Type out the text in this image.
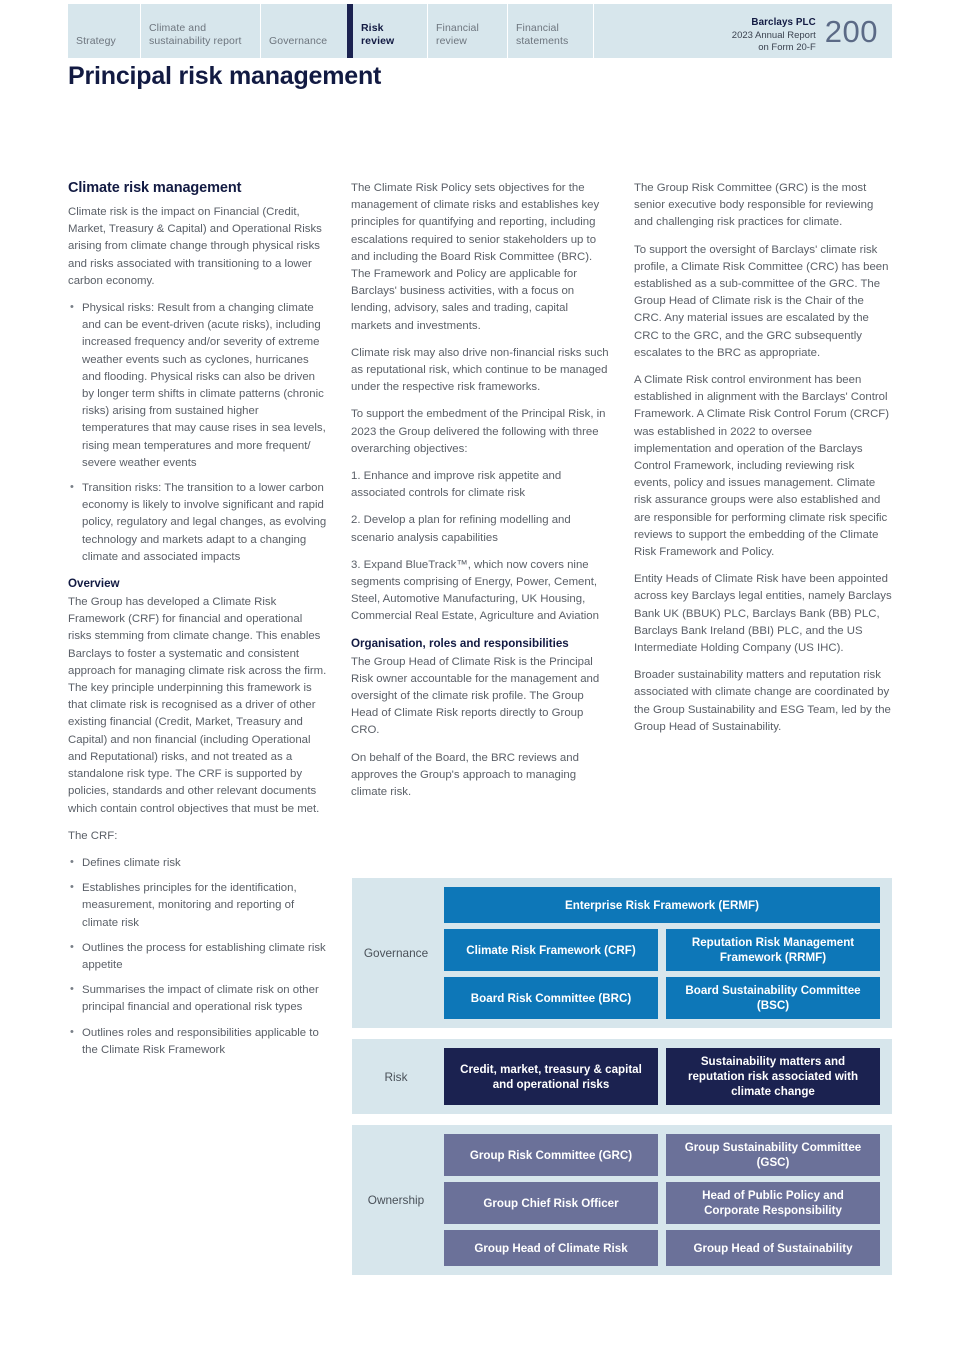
Strategy
Climate and
sustainability report	Governance
Risk
review
Financial
review
Financial
statements
Barclays PLC
2023 Annual Report
on Form 20-F 200
Principal risk management
Climate risk management

Climate risk is the impact on Financial (Credit, Market, Treasury & Capital) and Operational Risks arising from climate change through physical risks and risks associated with transitioning to a lower carbon economy.

• Physical risks: Result from a changing climate and can be event-driven (acute risks), including increased frequency and/or severity of extreme weather events such as cyclones, hurricanes and flooding. Physical risks can also be driven by longer term shifts in climate patterns (chronic risks) arising from sustained higher temperatures that may cause rises in sea levels, rising mean temperatures and more frequent/ severe weather events
• Transition risks: The transition to a lower carbon economy is likely to involve significant and rapid policy, regulatory and legal changes, as evolving technology and markets adapt to a changing climate and associated impacts
Overview

The Group has developed a Climate Risk Framework (CRF) for financial and operational risks stemming from climate change. This enables Barclays to foster a systematic and consistent approach for managing climate risk across the firm. The key principle underpinning this framework is that climate risk is recognised as a driver of other existing financial (Credit, Market, Treasury and Capital) and non financial (including Operational and Reputational) risks, and not treated as a standalone risk type. The CRF is supported by policies, standards and other relevant documents which contain control objectives that must be met.

The CRF:

• Defines climate risk
• Establishes principles for the identification, measurement, monitoring and reporting of climate risk
• Outlines the process for establishing climate risk appetite
• Summarises the impact of climate risk on other principal financial and operational risk types
• Outlines roles and responsibilities applicable to the Climate Risk Framework

The Climate Risk Policy sets objectives for the management of climate risks and establishes key principles for quantifying and reporting, including escalations required to senior stakeholders up to and including the Board Risk Committee (BRC). The Framework and Policy are applicable for Barclays' business activities, with a focus on lending, advisory, sales and trading, capital markets and investments.

Climate risk may also drive non-financial risks such as reputational risk, which continue to be managed under the respective risk frameworks.

To support the embedment of the Principal Risk, in 2023 the Group delivered the following with three overarching objectives:

1. Enhance and improve risk appetite and associated controls for climate risk

2. Develop a plan for refining modelling and scenario analysis capabilities

3. Expand BlueTrack™, which now covers nine segments comprising of Energy, Power, Cement, Steel, Automotive Manufacturing, UK Housing, Commercial Real Estate, Agriculture and Aviation

Organisation, roles and responsibilities

The Group Head of Climate Risk is the Principal Risk owner accountable for the management and oversight of the climate risk profile. The Group Head of Climate Risk reports directly to Group CRO.

On behalf of the Board, the BRC reviews and approves the Group's approach to managing climate risk.

The Group Risk Committee (GRC) is the most senior executive body responsible for reviewing and challenging risk practices for climate.

To support the oversight of Barclays' climate risk profile, a Climate Risk Committee (CRC) has been established as a sub-committee of the GRC. The Group Head of Climate risk is the Chair of the CRC. Any material issues are escalated by the CRC to the GRC, and the GRC subsequently escalates to the BRC as appropriate.

A Climate Risk control environment has been established in alignment with the Barclays' Control Framework. A Climate Risk Control Forum (CRCF) was established in 2022 to oversee implementation and operation of the Barclays Control Framework, including reviewing risk events, policy and issues management. Climate risk assurance groups were also established and are responsible for performing climate risk specific reviews to support the embedding of the Climate Risk Framework and Policy.

Entity Heads of Climate Risk have been appointed across key Barclays legal entities, namely Barclays Bank UK (BBUK) PLC, Barclays Bank (BB) PLC, Barclays Bank Ireland (BBI) PLC, and the US Intermediate Holding Company (US IHC).

Broader sustainability matters and reputation risk associated with climate change are coordinated by the Group Sustainability and ESG Team, led by the Group Head of Sustainability.

Governance
Enterprise Risk Framework (ERMF)
Climate Risk Framework (CRF)
Reputation Risk Management Framework (RRMF)
Board Risk Committee (BRC)
Board Sustainability Committee (BSC)
Risk
Credit, market, treasury & capital and operational risks
Sustainability matters and reputation risk associated with climate change
Ownership
Group Risk Committee (GRC)
Group Sustainability Committee (GSC)
Group Chief Risk Officer
Head of Public Policy and Corporate Responsibility
Group Head of Climate Risk	Group Head of Sustainability
